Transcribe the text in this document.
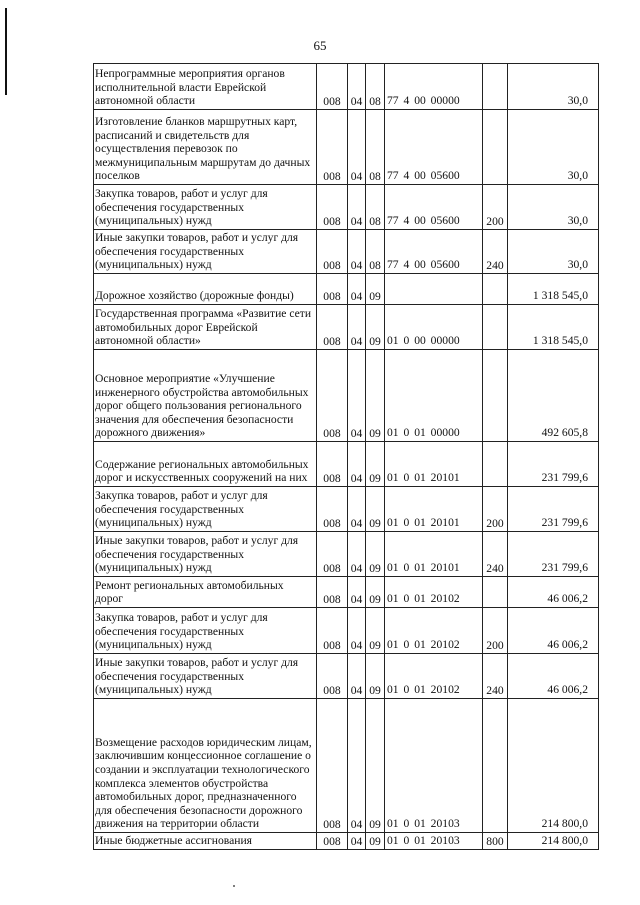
65
Непрограммные мероприятия органов исполнительной власти Еврейской автономной области	008	04	08	77 4 00 00000		30,0
Изготовление бланков маршрутных карт, расписаний и свидетельств для осуществления перевозок по межмуниципальным маршрутам до дачных поселков	008	04	08	77 4 00 05600		30,0
Закупка товаров, работ и услуг для обеспечения государственных (муниципальных) нужд	008	04	08	77 4 00 05600	200	30,0
Иные закупки товаров, работ и услуг для обеспечения государственных (муниципальных) нужд	008	04	08	77 4 00 05600	240	30,0
Дорожное хозяйство (дорожные фонды)	008	04	09			1 318 545,0
Государственная программа «Развитие сети автомобильных дорог Еврейской автономной области»	008	04	09	01 0 00 00000		1 318 545,0
Основное мероприятие «Улучшение инженерного обустройства автомобильных дорог общего пользования регионального значения для обеспечения безопасности дорожного движения»	008	04	09	01 0 01 00000		492 605,8
Содержание региональных автомобильных дорог и искусственных сооружений на них	008	04	09	01 0 01 20101		231 799,6
Закупка товаров, работ и услуг для обеспечения государственных (муниципальных) нужд	008	04	09	01 0 01 20101	200	231 799,6
Иные закупки товаров, работ и услуг для обеспечения государственных (муниципальных) нужд	008	04	09	01 0 01 20101	240	231 799,6
Ремонт региональных автомобильных дорог	008	04	09	01 0 01 20102		46 006,2
Закупка товаров, работ и услуг для обеспечения государственных (муниципальных) нужд	008	04	09	01 0 01 20102	200	46 006,2
Иные закупки товаров, работ и услуг для обеспечения государственных (муниципальных) нужд	008	04	09	01 0 01 20102	240	46 006,2
Возмещение расходов юридическим лицам, заключившим концессионное соглашение о создании и эксплуатации технологического комплекса элементов обустройства автомобильных дорог, предназначенного для обеспечения безопасности дорожного движения на территории области	008	04	09	01 0 01 20103		214 800,0
Иные бюджетные ассигнования	008	04	09	01 0 01 20103	800	214 800,0
